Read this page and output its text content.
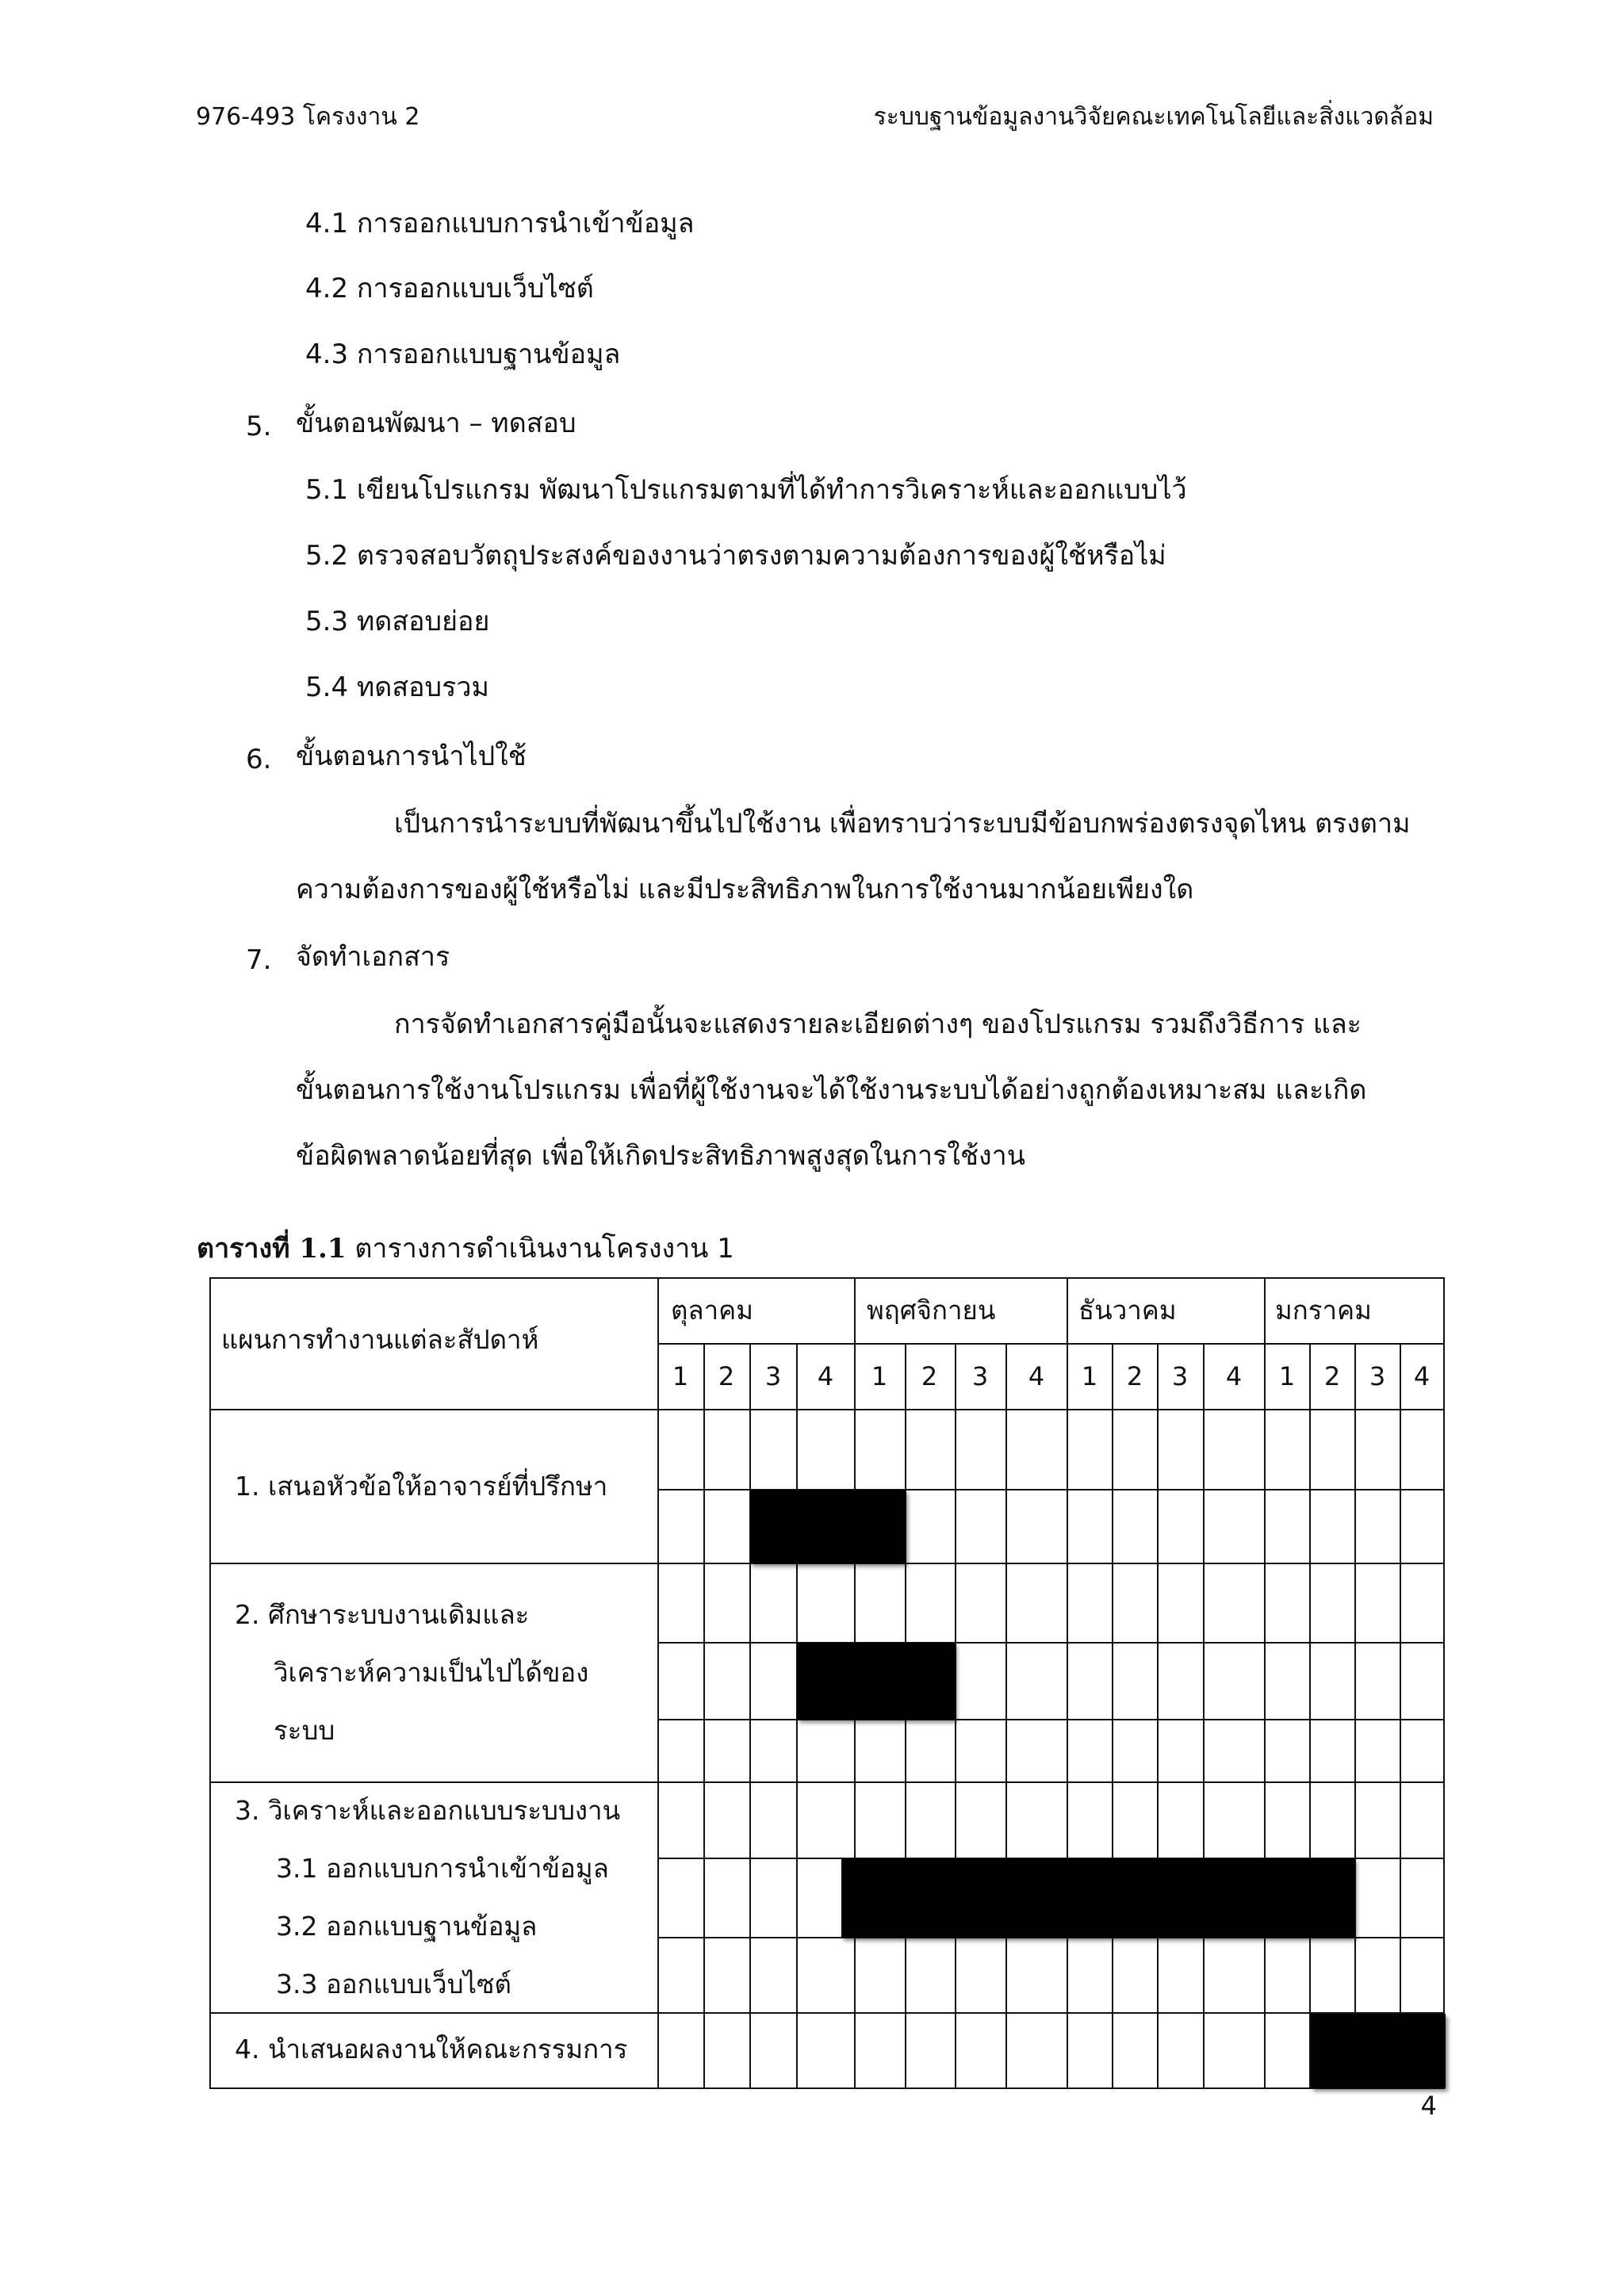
976-493 โครงงาน 2	ระบบฐานข้อมูลงานวิจัยคณะเทคโนโลยีและสิ่งแวดล้อม
4.1 การออกแบบการนำเข้าข้อมูล
4.2 การออกแบบเว็บไซต์
4.3 การออกแบบฐานข้อมูล
5. ขั้นตอนพัฒนา – ทดสอบ
5.1 เขียนโปรแกรม พัฒนาโปรแกรมตามที่ได้ทำการวิเคราะห์และออกแบบไว้
5.2 ตรวจสอบวัตถุประสงค์ของงานว่าตรงตามความต้องการของผู้ใช้หรือไม่
5.3 ทดสอบย่อย
5.4 ทดสอบรวม
6. ขั้นตอนการนำไปใช้
เป็นการนำระบบที่พัฒนาขึ้นไปใช้งาน เพื่อทราบว่าระบบมีข้อบกพร่องตรงจุดไหน ตรงตาม
ความต้องการของผู้ใช้หรือไม่ และมีประสิทธิภาพในการใช้งานมากน้อยเพียงใด
7. จัดทำเอกสาร
การจัดทำเอกสารคู่มือนั้นจะแสดงรายละเอียดต่างๆ ของโปรแกรม รวมถึงวิธีการ และ
ขั้นตอนการใช้งานโปรแกรม เพื่อที่ผู้ใช้งานจะได้ใช้งานระบบได้อย่างถูกต้องเหมาะสม และเกิด
ข้อผิดพลาดน้อยที่สุด เพื่อให้เกิดประสิทธิภาพสูงสุดในการใช้งาน
ตารางที่ 1.1 ตารางการดำเนินงานโครงงาน 1
แผนการทำงานแต่ละสัปดาห์
ตุลาคม	พฤศจิกายน	ธันวาคม	มกราคม
1 2 3 4 1 2 3 4 1 2 3 4 1 2 3 4
1. เสนอหัวข้อให้อาจารย์ที่ปรึกษา
2. ศึกษาระบบงานเดิมและ
วิเคราะห์ความเป็นไปได้ของ
ระบบ
3. วิเคราะห์และออกแบบระบบงาน
3.1 ออกแบบการนำเข้าข้อมูล
3.2 ออกแบบฐานข้อมูล
3.3 ออกแบบเว็บไซต์
4. นำเสนอผลงานให้คณะกรรมการ
4
